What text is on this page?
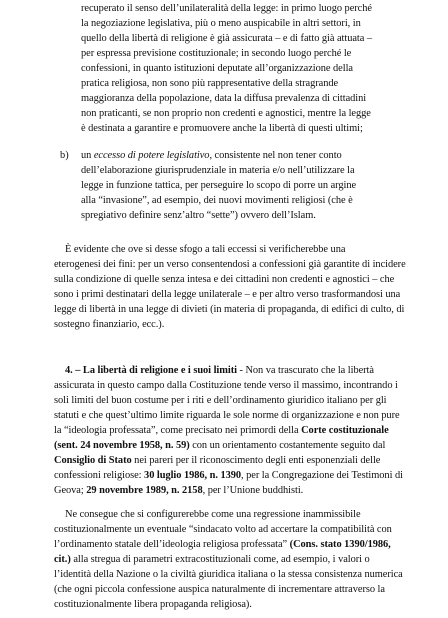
recuperato il senso dell’unilateralità della legge: in primo luogo perché
la negoziazione legislativa, più o meno auspicabile in altri settori, in
quello della libertà di religione è già assicurata – e di fatto già attuata –
per espressa previsione costituzionale; in secondo luogo perché le
confessioni, in quanto istituzioni deputate all’organizzazione della
pratica religiosa, non sono più rappresentative della stragrande
maggioranza della popolazione, data la diffusa prevalenza di cittadini
non praticanti, se non proprio non credenti e agnostici, mentre la legge
è destinata a garantire e promuovere anche la libertà di questi ultimi;
b) un eccesso di potere legislativo, consistente nel non tener conto
dell’elaborazione giurisprudenziale in materia e/o nell’utilizzare la
legge in funzione tattica, per perseguire lo scopo di porre un argine
alla “invasione”, ad esempio, dei nuovi movimenti religiosi (che è
spregiativo definire senz’altro “sette”) ovvero dell’Islam.
È evidente che ove si desse sfogo a tali eccessi si verificherebbe una
eterogenesi dei fini: per un verso consentendosi a confessioni già garantite di incidere
sulla condizione di quelle senza intesa e dei cittadini non credenti e agnostici – che
sono i primi destinatari della legge unilaterale – e per altro verso trasformandosi una
legge di libertà in una legge di divieti (in materia di propaganda, di edifici di culto, di
sostegno finanziario, ecc.).
4. – La libertà di religione e i suoi limiti - Non va trascurato che la libertà
assicurata in questo campo dalla Costituzione tende verso il massimo, incontrando i
soli limiti del buon costume per i riti e dell’ordinamento giuridico italiano per gli
statuti e che quest’ultimo limite riguarda le sole norme di organizzazione e non pure
la “ideologia professata”, come precisato nei primordi della Corte costituzionale
(sent. 24 novembre 1958, n. 59) con un orientamento costantemente seguito dal
Consiglio di Stato nei pareri per il riconoscimento degli enti esponenziali delle
confessioni religiose: 30 luglio 1986, n. 1390, per la Congregazione dei Testimoni di
Geova; 29 novembre 1989, n. 2158, per l’Unione buddhisti.
Ne consegue che si configurerebbe come una regressione inammissibile
costituzionalmente un eventuale “sindacato volto ad accertare la compatibilità con
l’ordinamento statale dell’ideologia religiosa professata” (Cons. stato 1390/1986,
cit.) alla stregua di parametri extracostituzionali come, ad esempio, i valori o
l’identità della Nazione o la civiltà giuridica italiana o la stessa consistenza numerica
(che ogni piccola confessione auspica naturalmente di incrementare attraverso la
costituzionalmente libera propaganda religiosa).
